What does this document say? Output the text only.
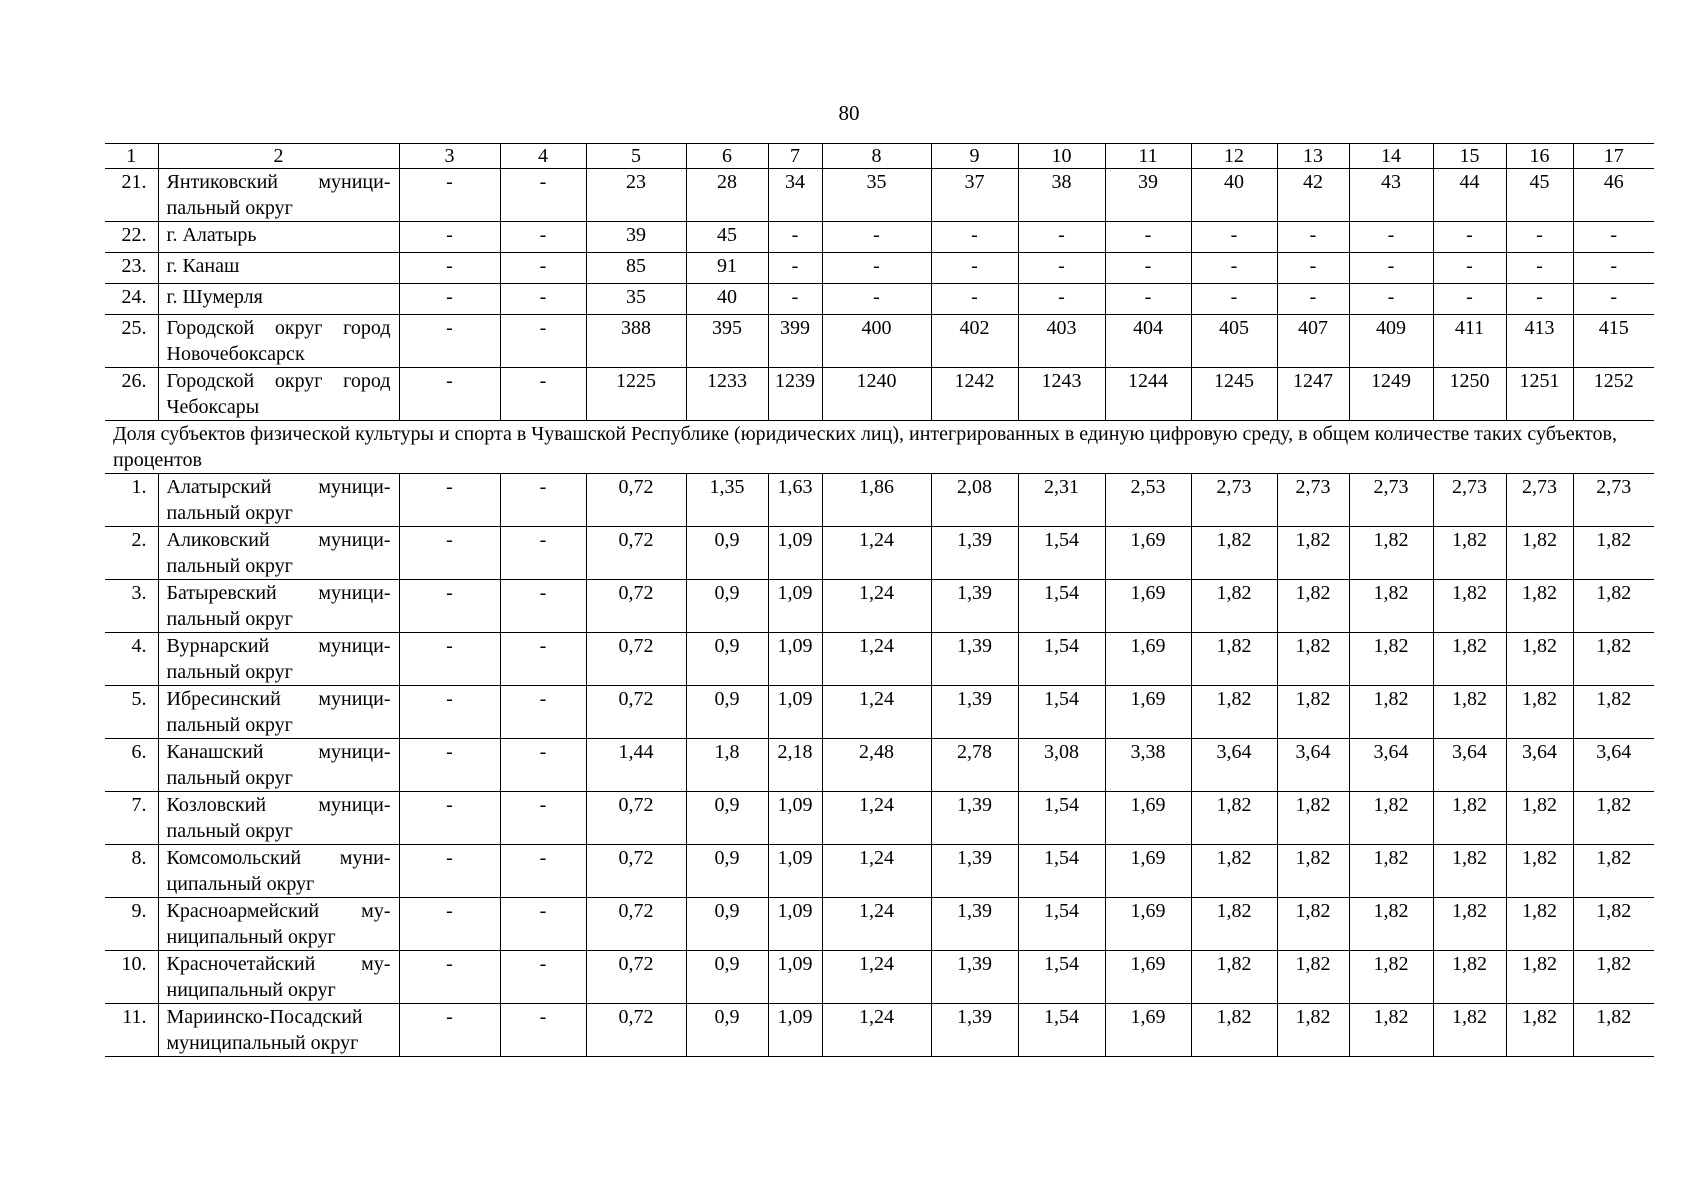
80
1	2	3	4	5	6	7	8	9	10	11	12	13	14	15	16	17
21.	Янтиковский муници-пальный округ	-	-	23	28	34	35	37	38	39	40	42	43	44	45	46
22.	г. Алатырь	-	-	39	45	-	-	-	-	-	-	-	-	-	-	-
23.	г. Канаш	-	-	85	91	-	-	-	-	-	-	-	-	-	-	-
24.	г. Шумерля	-	-	35	40	-	-	-	-	-	-	-	-	-	-	-
25.	Городской округ город Новочебоксарск	-	-	388	395	399	400	402	403	404	405	407	409	411	413	415
26.	Городской округ город Чебоксары	-	-	1225	1233	1239	1240	1242	1243	1244	1245	1247	1249	1250	1251	1252
Доля субъектов физической культуры и спорта в Чувашской Республике (юридических лиц), интегрированных в единую цифровую среду, в общем количестве таких субъектов, процентов																
1.	Алатырский муници-пальный округ	-	-	0,72	1,35	1,63	1,86	2,08	2,31	2,53	2,73	2,73	2,73	2,73	2,73	2,73
2.	Аликовский муници-пальный округ	-	-	0,72	0,9	1,09	1,24	1,39	1,54	1,69	1,82	1,82	1,82	1,82	1,82	1,82
3.	Батыревский муници-пальный округ	-	-	0,72	0,9	1,09	1,24	1,39	1,54	1,69	1,82	1,82	1,82	1,82	1,82	1,82
4.	Вурнарский муници-пальный округ	-	-	0,72	0,9	1,09	1,24	1,39	1,54	1,69	1,82	1,82	1,82	1,82	1,82	1,82
5.	Ибресинский муници-пальный округ	-	-	0,72	0,9	1,09	1,24	1,39	1,54	1,69	1,82	1,82	1,82	1,82	1,82	1,82
6.	Канашский муници-пальный округ	-	-	1,44	1,8	2,18	2,48	2,78	3,08	3,38	3,64	3,64	3,64	3,64	3,64	3,64
7.	Козловский муници-пальный округ	-	-	0,72	0,9	1,09	1,24	1,39	1,54	1,69	1,82	1,82	1,82	1,82	1,82	1,82
8.	Комсомольский муни-ципальный округ	-	-	0,72	0,9	1,09	1,24	1,39	1,54	1,69	1,82	1,82	1,82	1,82	1,82	1,82
9.	Красноармейский му-ниципальный округ	-	-	0,72	0,9	1,09	1,24	1,39	1,54	1,69	1,82	1,82	1,82	1,82	1,82	1,82
10.	Красночетайский му-ниципальный округ	-	-	0,72	0,9	1,09	1,24	1,39	1,54	1,69	1,82	1,82	1,82	1,82	1,82	1,82
11.	Мариинско-Посадский муниципальный округ	-	-	0,72	0,9	1,09	1,24	1,39	1,54	1,69	1,82	1,82	1,82	1,82	1,82	1,82
